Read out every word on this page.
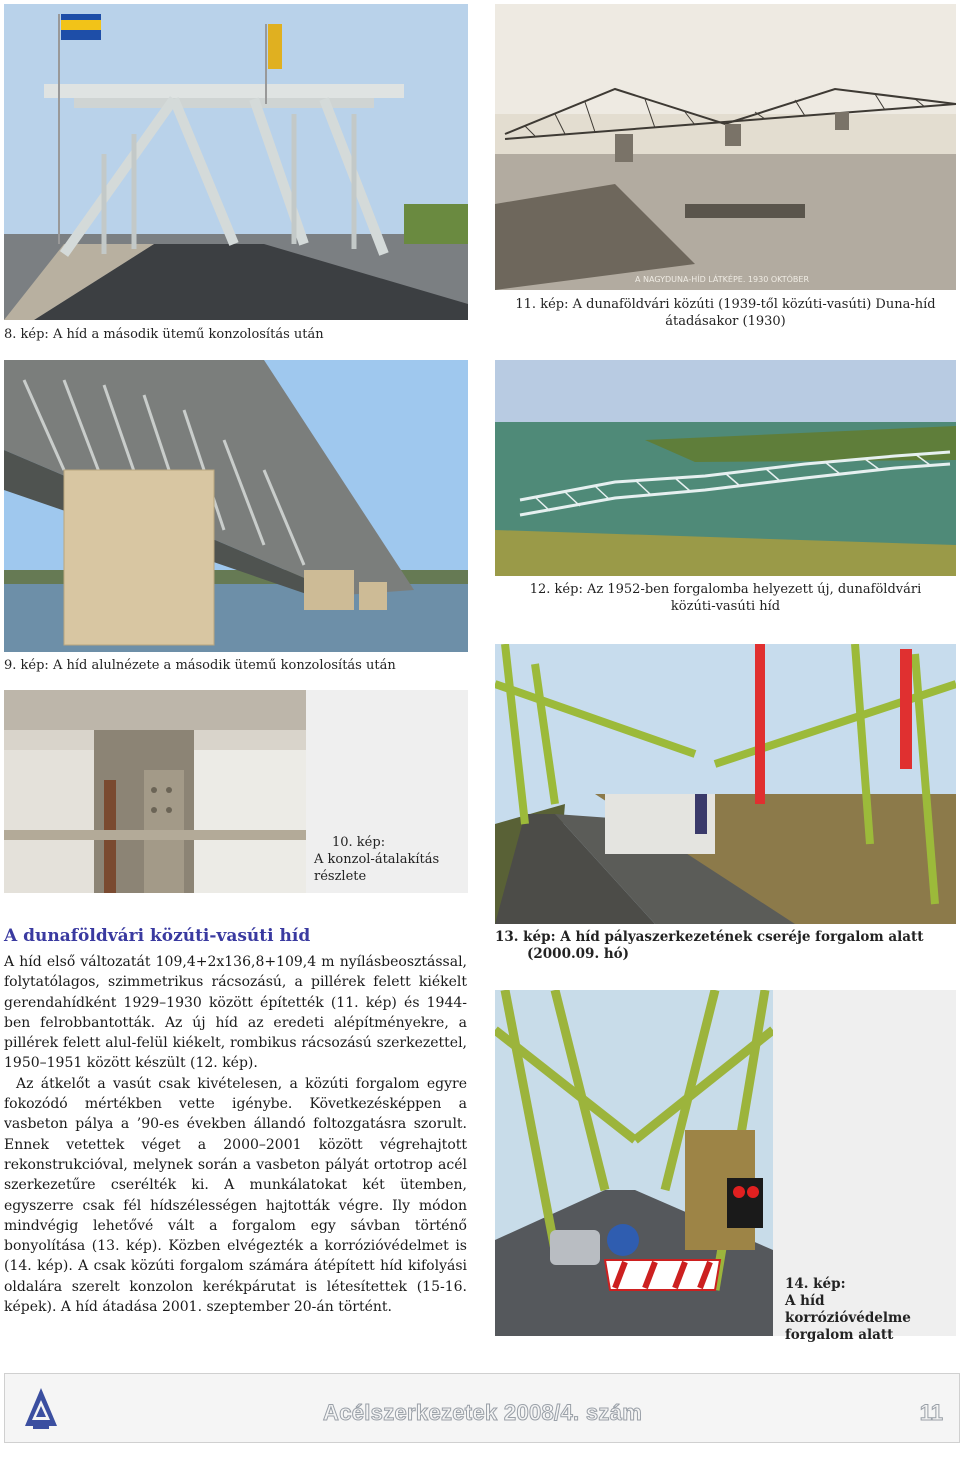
8. kép: A híd a második ütemű konzolosítás után
A NAGYDUNA-HÍD LÁTKÉPE. 1930 OKTÓBER
11. kép: A dunaföldvári közúti (1939-től közúti-vasúti) Duna-híd
átadásakor (1930)
9. kép: A híd alulnézete a második ütemű konzolosítás után
12. kép: Az 1952-ben forgalomba helyezett új, dunaföldvári
közúti-vasúti híd
10. kép:
A konzol-átalakítás
részlete
13. kép: A híd pályaszerkezetének cseréje forgalom alatt
(2000.09. hó)
14. kép:
A híd korrózióvédelme
forgalom alatt
A dunaföldvári közúti-vasúti híd

A híd első változatát 109,4+2x136,8+109,4 m nyílásbeosztással, folytatólagos, szimmetrikus rácsozású, a pillérek felett kiékelt gerendahídként 1929–1930 között építették (11. kép) és 1944-ben felrobbantották. Az új híd az eredeti alépítményekre, a pillérek felett alul-felül kiékelt, rombikus rácsozású szerkezettel, 1950–1951 között készült (12. kép).

Az átkelőt a vasút csak kivételesen, a közúti forgalom egyre fokozódó mértékben vette igénybe. Következésképpen a vasbeton pálya a ’90-es években állandó foltozgatásra szorult. Ennek vetettek véget a 2000–2001 között végrehajtott rekonstrukcióval, melynek során a vasbeton pályát ortotrop acél szerkezetűre cserélték ki. A munkálatokat két ütemben, egyszerre csak fél hídszélességen hajtották végre. Ily módon mindvégig lehetővé vált a forgalom egy sávban történő bonyolítása (13. kép). Közben elvégezték a korrózióvédelmet is (14. kép). A csak közúti forgalom számára átépített híd kifolyási oldalára szerelt konzolon kerékpárutat is létesítettek (15-16. képek). A híd átadása 2001. szeptember 20-án történt.

Acélszerkezetek 2008/4. szám	11
